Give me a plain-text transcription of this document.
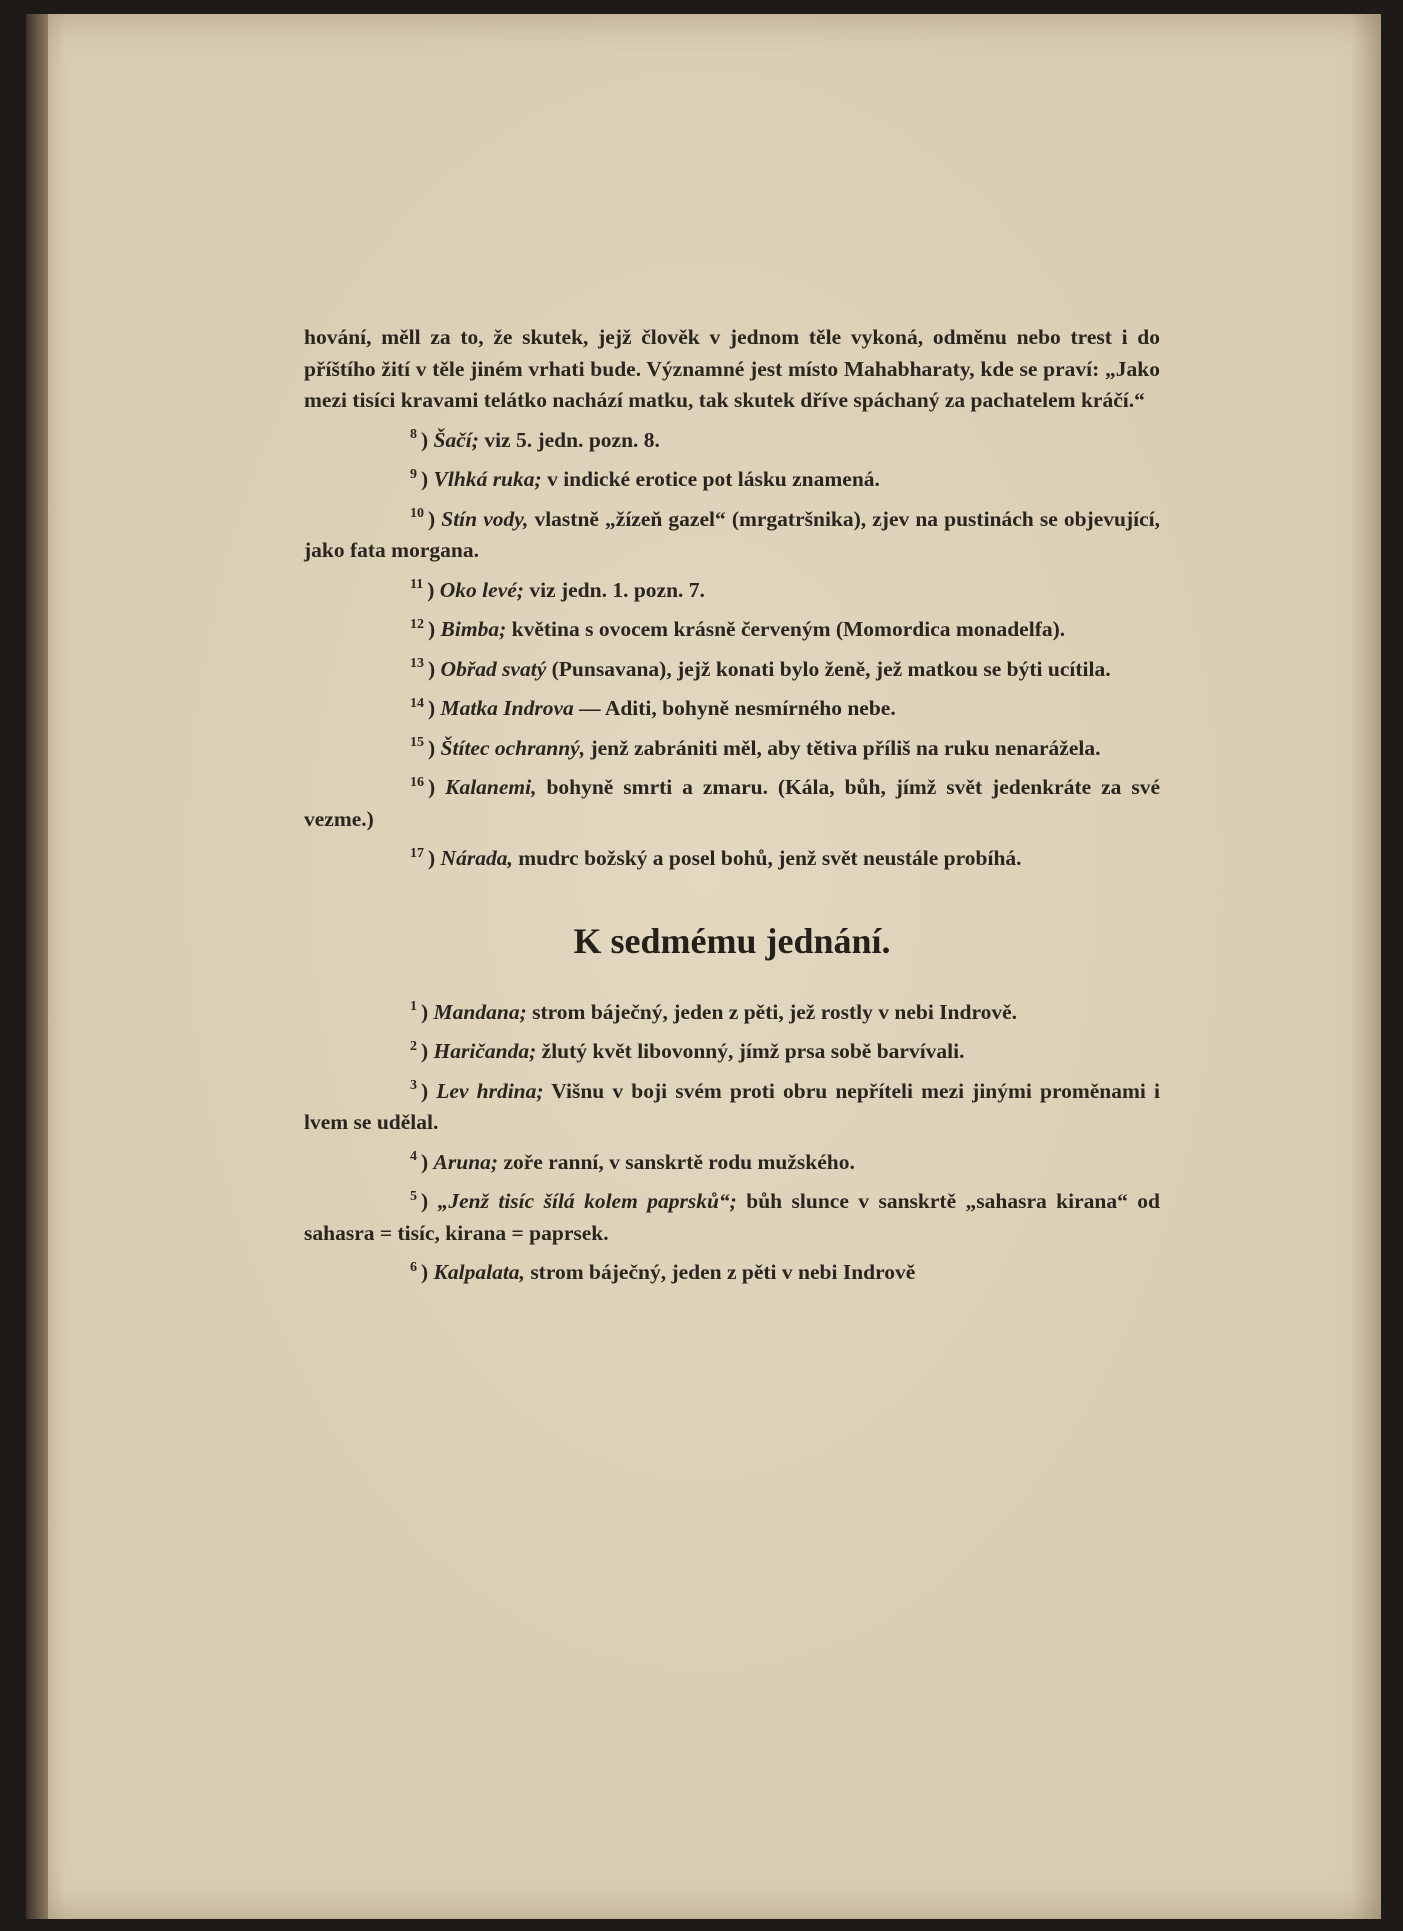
hování, měll za to, že skutek, jejž člověk v jednom těle vykoná, odměnu nebo trest i do příštího žití v těle jiném vrhati bude. Významné jest místo Mahabharaty, kde se praví: „Jako mezi tisíci kravami telátko nachází matku, tak skutek dříve spáchaný za pachatelem kráčí.“

$^8$ ) Šačí; viz 5. jedn. pozn. 8.

$^9$ ) Vlhká ruka; v indické erotice pot lásku znamená.

$^{10}$ ) Stín vody, vlastně „žízeň gazel“ (mrgatršnika), zjev na pustinách se objevující, jako fata morgana.

$^{11}$ ) Oko levé; viz jedn. 1. pozn. 7.

$^{12}$ ) Bimba; květina s ovocem krásně červeným (Momordica monadelfa).

$^{13}$ ) Obřad svatý (Punsavana), jejž konati bylo ženě, jež matkou se býti ucítila.

$^{14}$ ) Matka Indrova — Aditi, bohyně nesmírného nebe.

$^{15}$ ) Štítec ochranný, jenž zabrániti měl, aby tětiva příliš na ruku nenarážela.

$^{16}$ ) Kalanemi, bohyně smrti a zmaru. (Kála, bůh, jímž svět jedenkráte za své vezme.)

$^{17}$ ) Nárada, mudrc božský a posel bohů, jenž svět neustále probíhá.

K sedmému jednání.

$^1$ ) Mandana; strom báječný, jeden z pěti, jež rostly v nebi Indrově.

$^2$ ) Haričanda; žlutý květ libovonný, jímž prsa sobě barvívali.

$^3$ ) Lev hrdina; Višnu v boji svém proti obru nepříteli mezi jinými proměnami i lvem se udělal.

$^4$ ) Aruna; zoře ranní, v sanskrtě rodu mužského.

$^5$ ) „Jenž tisíc šílá kolem paprsků“; bůh slunce v sanskrtě „sahasra kirana“ od sahasra = tisíc, kirana = paprsek.

$^6$ ) Kalpalata, strom báječný, jeden z pěti v nebi Indrově
